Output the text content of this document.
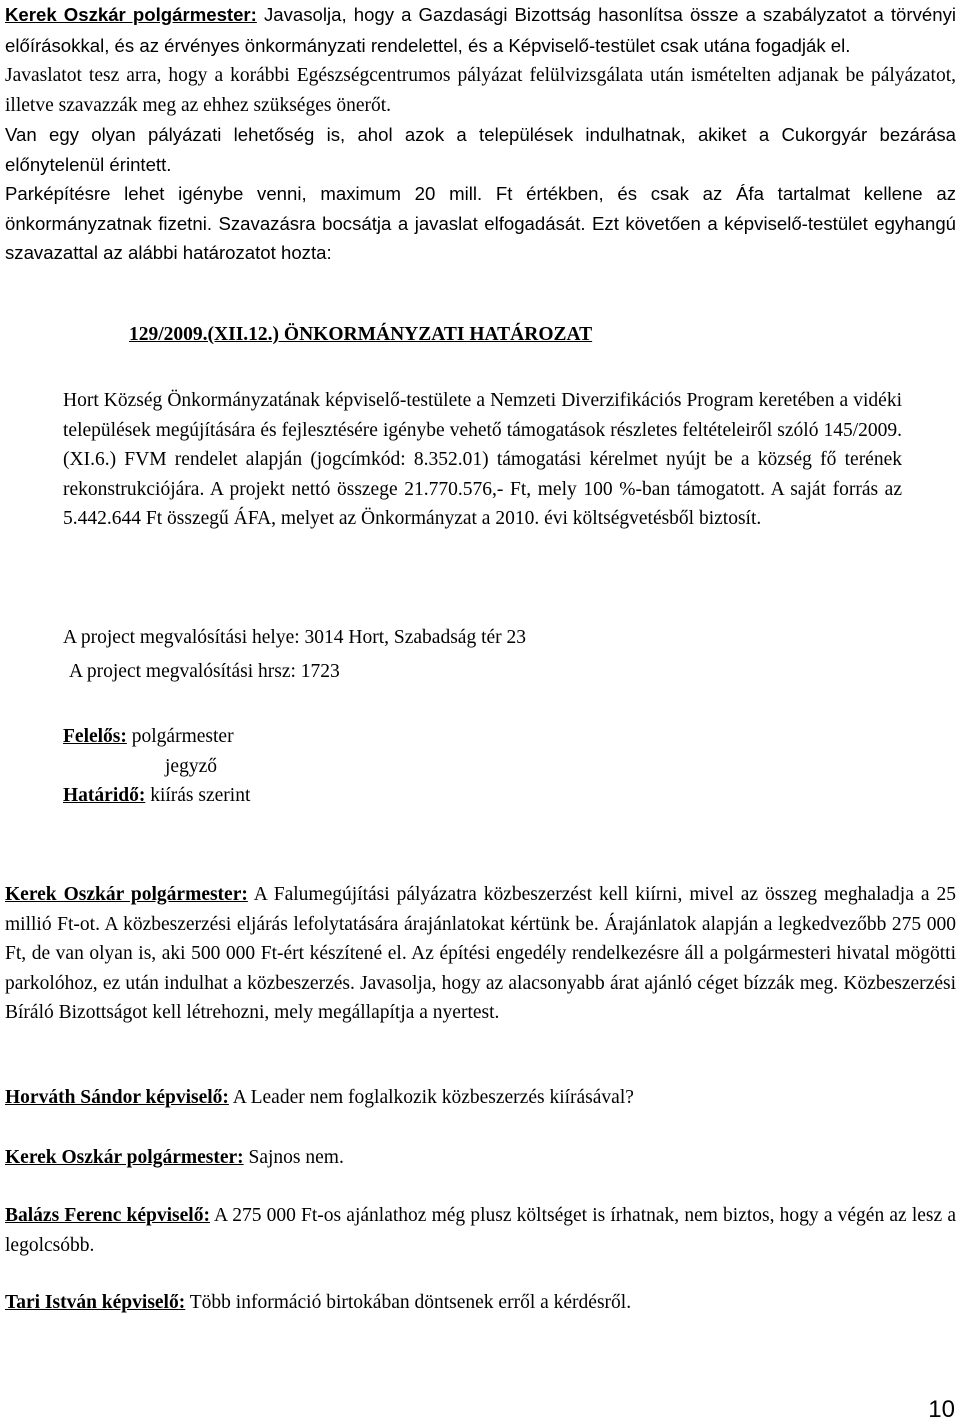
Kerek Oszkár polgármester: Javasolja, hogy a Gazdasági Bizottság hasonlítsa össze a szabályzatot a törvényi előírásokkal, és az érvényes önkormányzati rendelettel, és a Képviselő-testület csak utána fogadják el.

Javaslatot tesz arra, hogy a korábbi Egészségcentrumos pályázat felülvizsgálata után ismételten adjanak be pályázatot, illetve szavazzák meg az ehhez szükséges önerőt.

Van egy olyan pályázati lehetőség is, ahol azok a települések indulhatnak, akiket a Cukorgyár bezárása előnytelenül érintett.

Parképítésre lehet igénybe venni, maximum 20 mill. Ft értékben, és csak az Áfa tartalmat kellene az önkormányzatnak fizetni. Szavazásra bocsátja a javaslat elfogadását. Ezt követően a képviselő-testület egyhangú szavazattal az alábbi határozatot hozta:

129/2009.(XII.12.) ÖNKORMÁNYZATI HATÁROZAT

Hort Község Önkormányzatának képviselő-testülete a Nemzeti Diverzifikációs Program keretében a vidéki települések megújítására és fejlesztésére igénybe vehető támogatások részletes feltételeiről szóló 145/2009. (XI.6.) FVM rendelet alapján (jogcímkód: 8.352.01) támogatási kérelmet nyújt be a község fő terének rekonstrukciójára. A projekt nettó összege 21.770.576,- Ft, mely 100 %-ban támogatott. A saját forrás az 5.442.644 Ft összegű ÁFA, melyet az Önkormányzat a 2010. évi költségvetésből biztosít.

A project megvalósítási helye: 3014 Hort, Szabadság tér 23

A project megvalósítási hrsz: 1723

Felelős: polgármester
jegyző
Határidő: kiírás szerint

Kerek Oszkár polgármester: A Falumegújítási pályázatra közbeszerzést kell kiírni, mivel az összeg meghaladja a 25 millió Ft-ot. A közbeszerzési eljárás lefolytatására árajánlatokat kértünk be. Árajánlatok alapján a legkedvezőbb 275 000 Ft, de van olyan is, aki 500 000 Ft-ért készítené el. Az építési engedély rendelkezésre áll a polgármesteri hivatal mögötti parkolóhoz, ez után indulhat a közbeszerzés. Javasolja, hogy az alacsonyabb árat ajánló céget bízzák meg. Közbeszerzési Bíráló Bizottságot kell létrehozni, mely megállapítja a nyertest.

Horváth Sándor képviselő: A Leader nem foglalkozik közbeszerzés kiírásával?

Kerek Oszkár polgármester: Sajnos nem.

Balázs Ferenc képviselő: A 275 000 Ft-os ajánlathoz még plusz költséget is írhatnak, nem biztos, hogy a végén az lesz a legolcsóbb.

Tari István képviselő: Több információ birtokában döntsenek erről a kérdésről.

10
